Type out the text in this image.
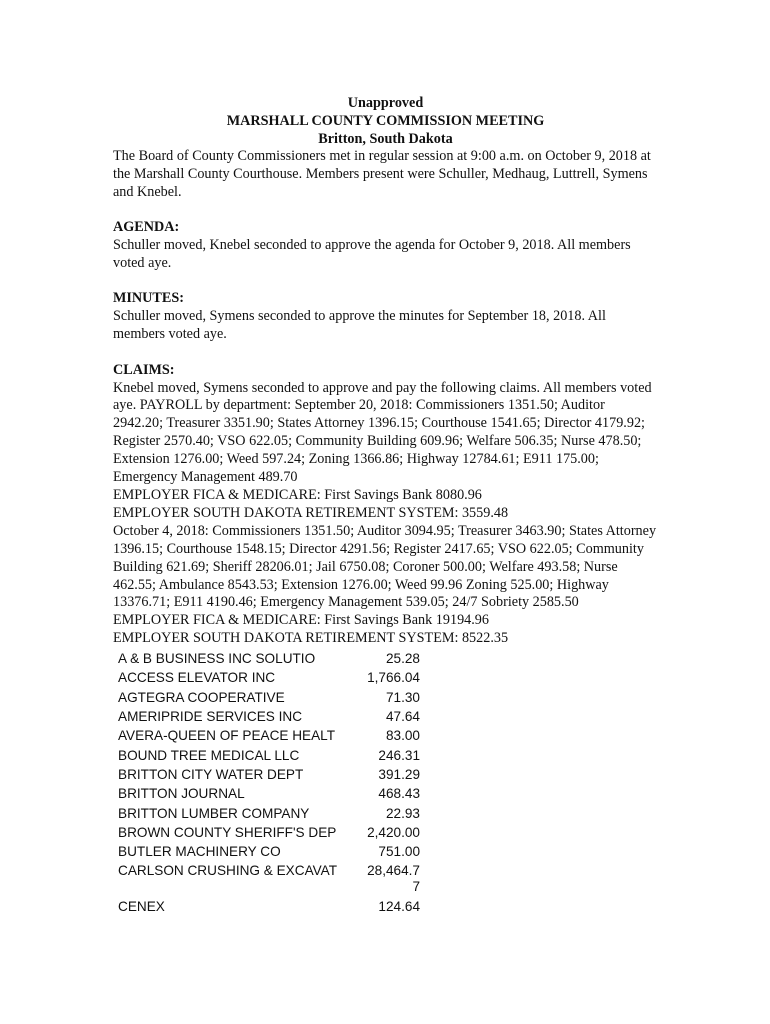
Unapproved
MARSHALL COUNTY COMMISSION MEETING
Britton, South Dakota

The Board of County Commissioners met in regular session at 9:00 a.m. on October 9, 2018 at the Marshall County Courthouse. Members present were Schuller, Medhaug, Luttrell, Symens and Knebel.

AGENDA:

Schuller moved, Knebel seconded to approve the agenda for October 9, 2018. All members voted aye.

MINUTES:

Schuller moved, Symens seconded to approve the minutes for September 18, 2018. All members voted aye.

CLAIMS:

Knebel moved, Symens seconded to approve and pay the following claims. All members voted aye. PAYROLL by department: September 20, 2018: Commissioners 1351.50; Auditor 2942.20; Treasurer 3351.90; States Attorney 1396.15; Courthouse 1541.65; Director 4179.92; Register 2570.40; VSO 622.05; Community Building 609.96; Welfare 506.35; Nurse 478.50; Extension 1276.00; Weed 597.24; Zoning 1366.86; Highway 12784.61; E911 175.00; Emergency Management 489.70

EMPLOYER FICA & MEDICARE: First Savings Bank 8080.96

EMPLOYER SOUTH DAKOTA RETIREMENT SYSTEM: 3559.48

October 4, 2018: Commissioners 1351.50; Auditor 3094.95; Treasurer 3463.90; States Attorney 1396.15; Courthouse 1548.15; Director 4291.56; Register 2417.65; VSO 622.05; Community Building 621.69; Sheriff 28206.01; Jail 6750.08; Coroner 500.00; Welfare 493.58; Nurse 462.55; Ambulance 8543.53; Extension 1276.00; Weed 99.96 Zoning 525.00; Highway 13376.71; E911 4190.46; Emergency Management 539.05; 24/7 Sobriety 2585.50

EMPLOYER FICA & MEDICARE: First Savings Bank 19194.96

EMPLOYER SOUTH DAKOTA RETIREMENT SYSTEM: 8522.35

A & B BUSINESS INC SOLUTIO	25.28
ACCESS ELEVATOR INC	1,766.04
AGTEGRA COOPERATIVE	71.30
AMERIPRIDE SERVICES INC	47.64
AVERA-QUEEN OF PEACE HEALT	83.00
BOUND TREE MEDICAL LLC	246.31
BRITTON CITY WATER DEPT	391.29
BRITTON JOURNAL	468.43
BRITTON LUMBER COMPANY	22.93
BROWN COUNTY SHERIFF'S DEP	2,420.00
BUTLER MACHINERY CO	751.00
CARLSON CRUSHING & EXCAVAT	28,464.7 7
CENEX	124.64
